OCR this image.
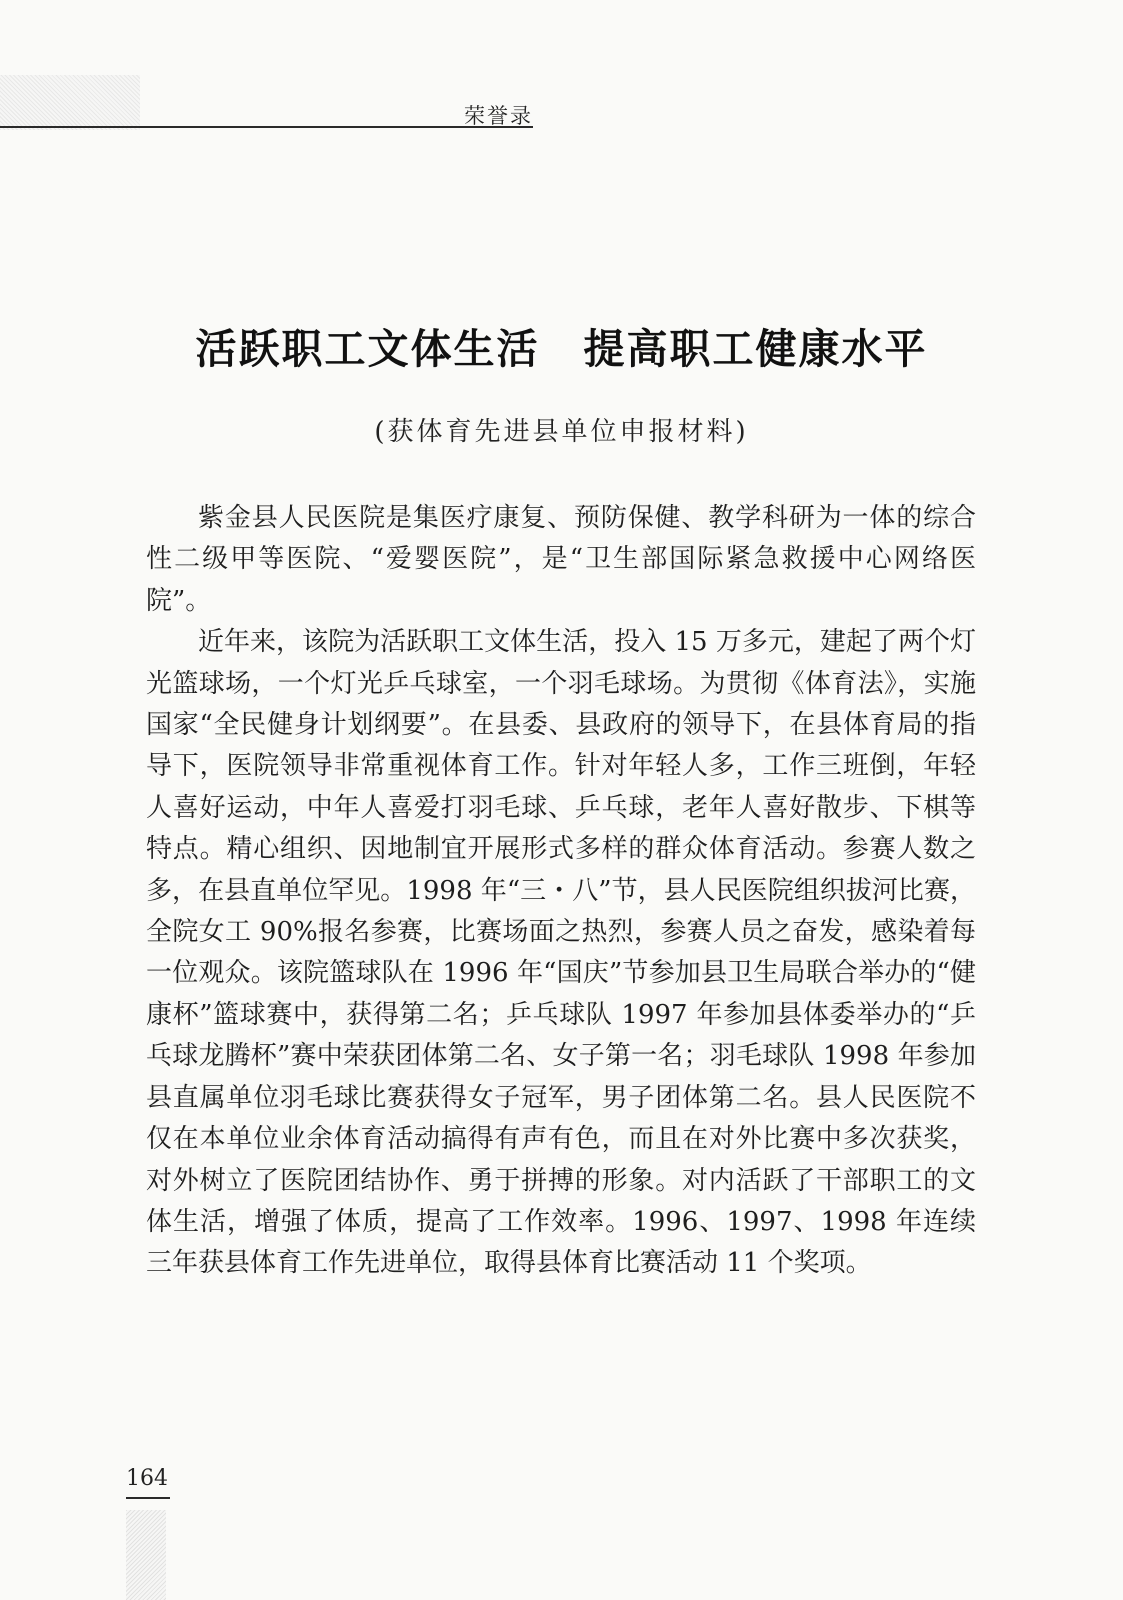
荣誉录
活跃职工文体生活 提高职工健康水平
(获体育先进县单位申报材料)

紫金县人民医院是集医疗康复、预防保健、教学科研为一体的综合性二级甲等医院、“爱婴医院”，是“卫生部国际紧急救援中心网络医院”。

近年来，该院为活跃职工文体生活，投入 15 万多元，建起了两个灯光篮球场，一个灯光乒乓球室，一个羽毛球场。为贯彻《体育法》，实施国家“全民健身计划纲要”。在县委、县政府的领导下，在县体育局的指导下，医院领导非常重视体育工作。针对年轻人多，工作三班倒，年轻人喜好运动，中年人喜爱打羽毛球、乒乓球，老年人喜好散步、下棋等特点。精心组织、因地制宜开展形式多样的群众体育活动。参赛人数之多，在县直单位罕见。1998 年“三・八”节，县人民医院组织拔河比赛，全院女工 90%报名参赛，比赛场面之热烈，参赛人员之奋发，感染着每一位观众。该院篮球队在 1996 年“国庆”节参加县卫生局联合举办的“健康杯”篮球赛中，获得第二名；乒乓球队 1997 年参加县体委举办的“乒乓球龙腾杯”赛中荣获团体第二名、女子第一名；羽毛球队 1998 年参加县直属单位羽毛球比赛获得女子冠军，男子团体第二名。县人民医院不仅在本单位业余体育活动搞得有声有色，而且在对外比赛中多次获奖，对外树立了医院团结协作、勇于拼搏的形象。对内活跃了干部职工的文体生活，增强了体质，提高了工作效率。1996、1997、1998 年连续三年获县体育工作先进单位，取得县体育比赛活动 11 个奖项。

164
